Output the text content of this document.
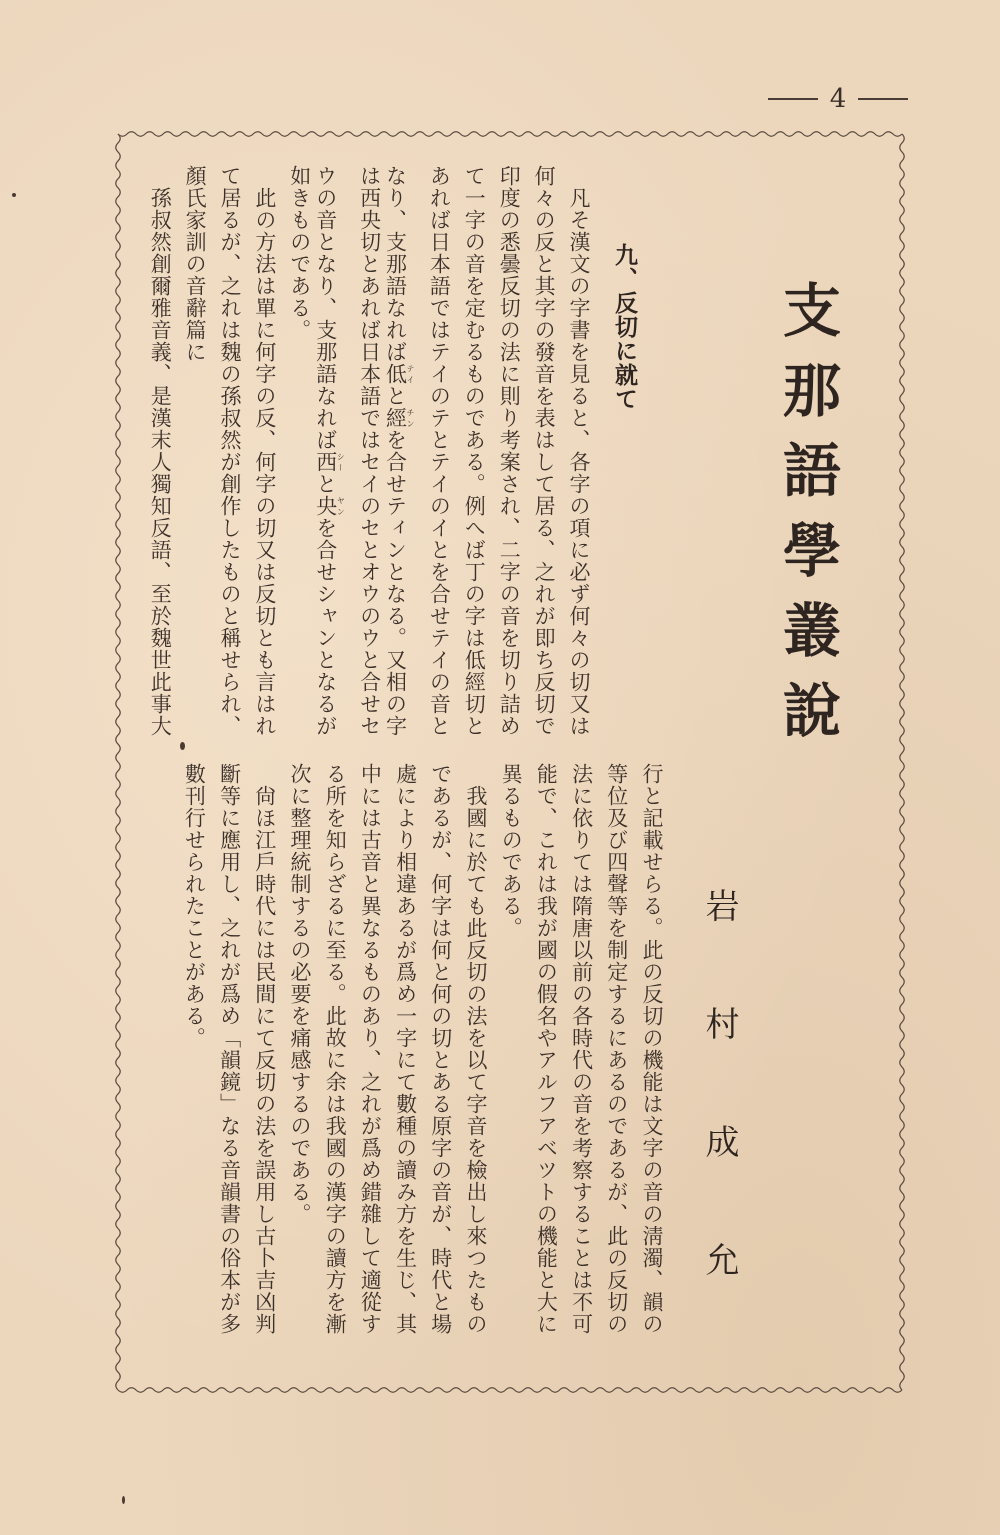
4
支那語學叢說
岩村成允
九、反切に就て
　凡そ漢文の字書を見ると、各字の項に必ず何々の切又は
何々の反と其字の發音を表はして居る、之れが即ち反切で
印度の悉曇反切の法に則り考案され、二字の音を切り詰め
て一字の音を定むるものである。例へば丁の字は低經切と
あれば日本語ではテイのテとテイのイとを合せテイの音と
なり、支那語なれば低テイと經チンを合せティンとなる。又相の字
は西央切とあれば日本語ではセイのセとオウのウと合せセ
ウの音となり、支那語なれば西シーと央ヤンを合せシャンとなるが
如きものである。
　此の方法は單に何字の反、何字の切又は反切とも言はれ
て居るが、之れは魏の孫叔然が創作したものと稱せられ、
顏氏家訓の音辭篇に
　孫叔然創爾雅音義、是漢末人獨知反語、至於魏世此事大
行と記載せらる。此の反切の機能は文字の音の淸濁、韻の
等位及び四聲等を制定するにあるのであるが、此の反切の
法に依りては隋唐以前の各時代の音を考察することは不可
能で、これは我が國の假名やアルフアベツトの機能と大に
異るものである。
　我國に於ても此反切の法を以て字音を檢出し來つたもの
であるが、何字は何と何の切とある原字の音が、時代と場
處により相違あるが爲め一字にて數種の讀み方を生じ、其
中には古音と異なるものあり、之れが爲め錯雜して適從す
る所を知らざるに至る。此故に余は我國の漢字の讀方を漸
次に整理統制するの必要を痛感するのである。
　尙ほ江戶時代には民間にて反切の法を誤用し古卜吉凶判
斷等に應用し、之れが爲め「韻鏡」なる音韻書の俗本が多
數刊行せられたことがある。
